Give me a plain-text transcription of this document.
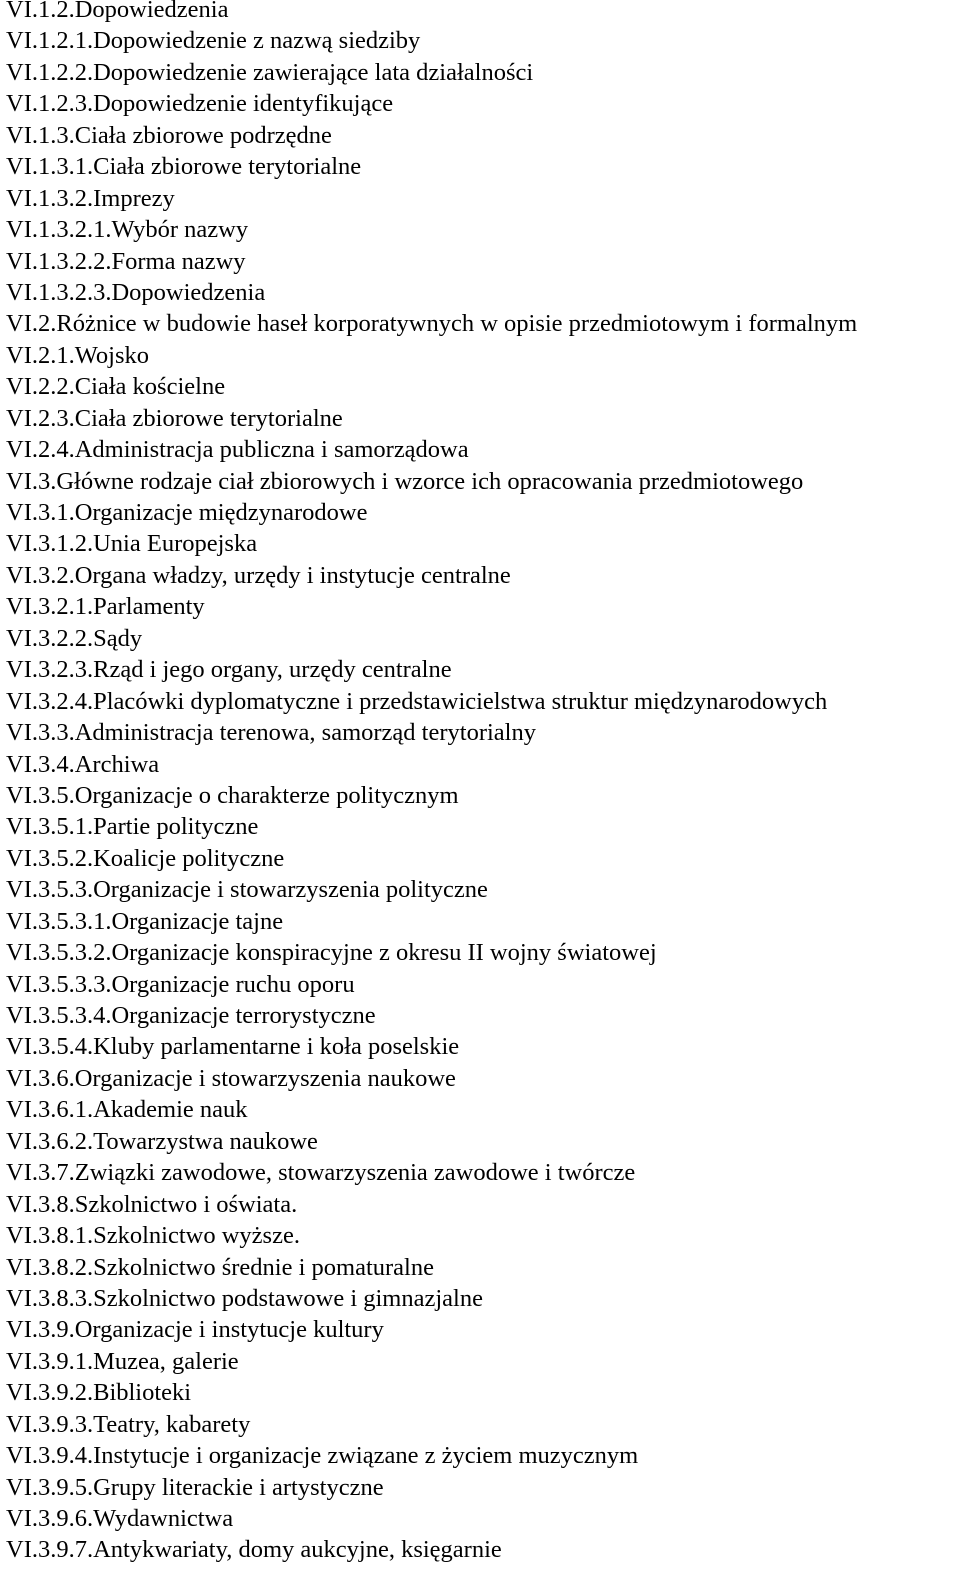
VI.1.2.Dopowiedzenia
VI.1.2.1.Dopowiedzenie z nazwą siedziby
VI.1.2.2.Dopowiedzenie zawierające lata działalności
VI.1.2.3.Dopowiedzenie identyfikujące
VI.1.3.Ciała zbiorowe podrzędne
VI.1.3.1.Ciała zbiorowe terytorialne
VI.1.3.2.Imprezy
VI.1.3.2.1.Wybór nazwy
VI.1.3.2.2.Forma nazwy
VI.1.3.2.3.Dopowiedzenia
VI.2.Różnice w budowie haseł korporatywnych w opisie przedmiotowym i formalnym
VI.2.1.Wojsko
VI.2.2.Ciała kościelne
VI.2.3.Ciała zbiorowe terytorialne
VI.2.4.Administracja publiczna i samorządowa
VI.3.Główne rodzaje ciał zbiorowych i wzorce ich opracowania przedmiotowego
VI.3.1.Organizacje międzynarodowe
VI.3.1.2.Unia Europejska
VI.3.2.Organa władzy, urzędy i instytucje centralne
VI.3.2.1.Parlamenty
VI.3.2.2.Sądy
VI.3.2.3.Rząd i jego organy, urzędy centralne
VI.3.2.4.Placówki dyplomatyczne i przedstawicielstwa struktur międzynarodowych
VI.3.3.Administracja terenowa, samorząd terytorialny
VI.3.4.Archiwa
VI.3.5.Organizacje o charakterze politycznym
VI.3.5.1.Partie polityczne
VI.3.5.2.Koalicje polityczne
VI.3.5.3.Organizacje i stowarzyszenia polityczne
VI.3.5.3.1.Organizacje tajne
VI.3.5.3.2.Organizacje konspiracyjne z okresu II wojny światowej
VI.3.5.3.3.Organizacje ruchu oporu
VI.3.5.3.4.Organizacje terrorystyczne
VI.3.5.4.Kluby parlamentarne i koła poselskie
VI.3.6.Organizacje i stowarzyszenia naukowe
VI.3.6.1.Akademie nauk
VI.3.6.2.Towarzystwa naukowe
VI.3.7.Związki zawodowe, stowarzyszenia zawodowe i twórcze
VI.3.8.Szkolnictwo i oświata.
VI.3.8.1.Szkolnictwo wyższe.
VI.3.8.2.Szkolnictwo średnie i pomaturalne
VI.3.8.3.Szkolnictwo podstawowe i gimnazjalne
VI.3.9.Organizacje i instytucje kultury
VI.3.9.1.Muzea, galerie
VI.3.9.2.Biblioteki
VI.3.9.3.Teatry, kabarety
VI.3.9.4.Instytucje i organizacje związane z życiem muzycznym
VI.3.9.5.Grupy literackie i artystyczne
VI.3.9.6.Wydawnictwa
VI.3.9.7.Antykwariaty, domy aukcyjne, księgarnie
